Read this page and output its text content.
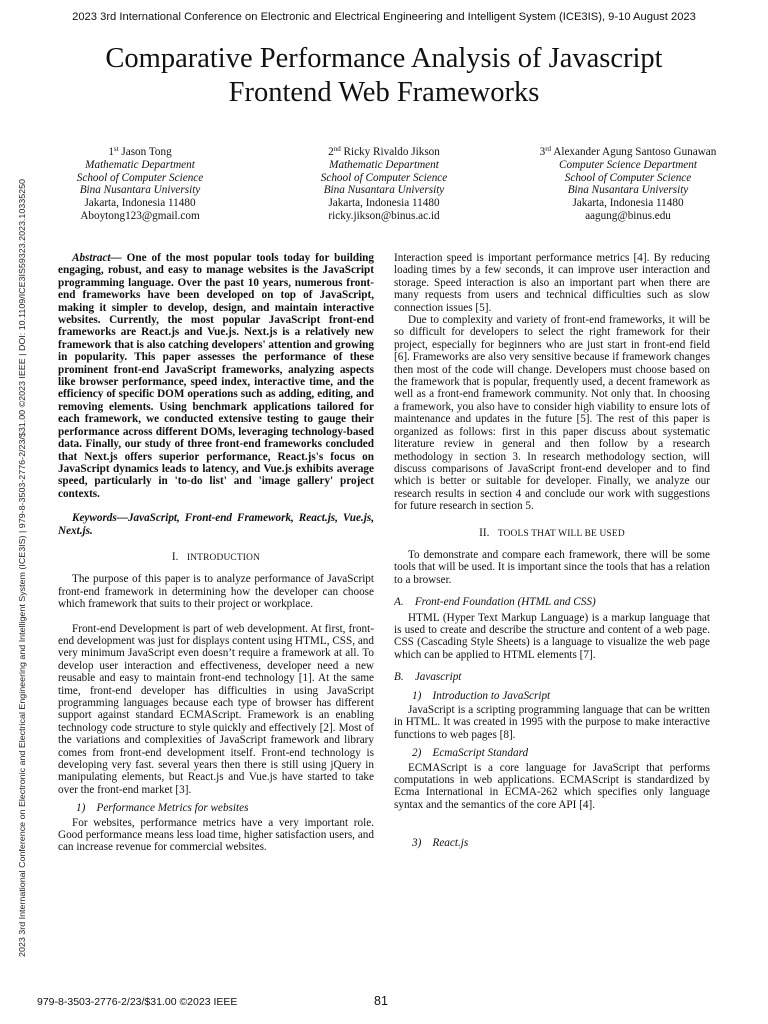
2023 3rd International Conference on Electronic and Electrical Engineering and Intelligent System (ICE3IS), 9-10 August 2023
Comparative Performance Analysis of Javascript
Frontend Web Frameworks
1st Jason Tong
Mathematic Department
School of Computer Science
Bina Nusantara University
Jakarta, Indonesia 11480
Aboytong123@gmail.com
2nd Ricky Rivaldo Jikson
Mathematic Department
School of Computer Science
Bina Nusantara University
Jakarta, Indonesia 11480
ricky.jikson@binus.ac.id
3rd Alexander Agung Santoso Gunawan
Computer Science Department
School of Computer Science
Bina Nusantara University
Jakarta, Indonesia 11480
aagung@binus.edu
2023 3rd International Conference on Electronic and Electrical Engineering and Intelligent System (ICE3IS) | 979-8-3503-2776-2/23/$31.00 ©2023 IEEE | DOI: 10.1109/ICE3IS59323.2023.10335250	Abstract— One of the most popular tools today for building engaging, robust, and easy to manage websites is the JavaScript programming language. Over the past 10 years, numerous front-end frameworks have been developed on top of JavaScript, making it simpler to develop, design, and maintain interactive websites. Currently, the most popular JavaScript front-end frameworks are React.js and Vue.js. Next.js is a relatively new framework that is also catching developers' attention and growing in popularity. This paper assesses the performance of these prominent front-end JavaScript frameworks, analyzing aspects like browser performance, speed index, interactive time, and the efficiency of specific DOM operations such as adding, editing, and removing elements. Using benchmark applications tailored for each framework, we conducted extensive testing to gauge their performance across different DOMs, leveraging technology-based data. Finally, our study of three front-end frameworks concluded that Next.js offers superior performance, React.js's focus on JavaScript dynamics leads to latency, and Vue.js exhibits average speed, particularly in 'to-do list' and 'image gallery' project contexts.

Keywords—JavaScript, Front-end Framework, React.js, Vue.js, Next.js.

I. INTRODUCTION

The purpose of this paper is to analyze performance of JavaScript front-end framework in determining how the developer can choose which framework that suits to their project or workplace.

Front-end Development is part of web development. At first, front-end development was just for displays content using HTML, CSS, and very minimum JavaScript even doesn’t require a framework at all. To develop user interaction and effectiveness, developer need a new reusable and easy to maintain front-end technology [1]. At the same time, front-end developer has difficulties in using JavaScript programming languages because each type of browser has different support against standard ECMAScript. Framework is an enabling technology code structure to style quickly and effectively [2]. Most of the variations and complexities of JavaScript framework and library comes from front-end development itself. Front-end technology is developing very fast. several years then there is still using jQuery in manipulating elements, but React.js and Vue.js have started to take over the front-end market [3].

1) Performance Metrics for websites

For websites, performance metrics have a very important role. Good performance means less load time, higher satisfaction users, and can increase revenue for commercial websites.

Interaction speed is important performance metrics [4]. By reducing loading times by a few seconds, it can improve user interaction and storage. Speed interaction is also an important part when there are many requests from users and technical difficulties such as slow connection issues [5].

Due to complexity and variety of front-end frameworks, it will be so difficult for developers to select the right framework for their project, especially for beginners who are just start in front-end field [6]. Frameworks are also very sensitive because if framework changes then most of the code will change. Developers must choose based on the framework that is popular, frequently used, a decent framework as well as a front-end framework community. Not only that. In choosing a framework, you also have to consider high viability to ensure lots of maintenance and updates in the future [5]. The rest of this paper is organized as follows: first in this paper discuss about systematic literature review in general and then follow by a research methodology in section 3. In research methodology section, will discuss comparisons of JavaScript front-end developer and to find which is better or suitable for developer. Finally, we analyze our research results in section 4 and conclude our work with suggestions for future research in section 5.

II. TOOLS THAT WILL BE USED

To demonstrate and compare each framework, there will be some tools that will be used. It is important since the tools that has a relation to a browser.

A. Front-end Foundation (HTML and CSS)

HTML (Hyper Text Markup Language) is a markup language that is used to create and describe the structure and content of a web page. CSS (Cascading Style Sheets) is a language to visualize the web page which can be applied to HTML elements [7].

B. Javascript

1) Introduction to JavaScript

JavaScript is a scripting programming language that can be written in HTML. It was created in 1995 with the purpose to make interactive functions to web pages [8].

2) EcmaScript Standard

ECMAScript is a core language for JavaScript that performs computations in web applications. ECMAScript is standardized by Ecma International in ECMA-262 which specifies only language syntax and the semantics of the core API [4].

3) React.js

979-8-3503-2776-2/23/$31.00 ©2023 IEEE	81
